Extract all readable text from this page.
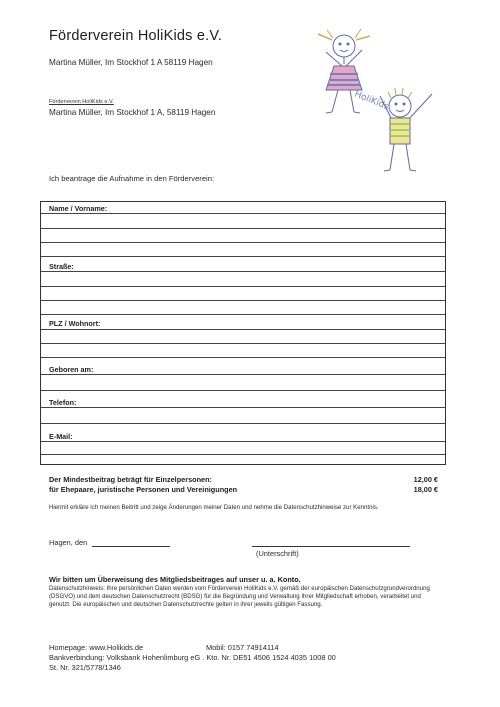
Förderverein HoliKids e.V.
Martina Müller, Im Stockhof 1 A 58119 Hagen
Förderverein HoliKids e.V.
Martina Müller, Im Stockhof 1 A, 58119 Hagen
HoliKids
Ich beantrage die Aufnahme in den Förderverein:
Name / Vorname:
Straße:
PLZ / Wohnort:
Geboren am:
Telefon:
E-Mail:
Der Mindestbeitrag beträgt für Einzelpersonen:	12,00 €
für Ehepaare, juristische Personen und Vereinigungen	18,00 €
Hiermit erkläre ich meinen Beitritt und zeige Änderungen meiner Daten und nehme die Datenschutzhinweise zur Kenntnis.
Hagen, den
(Unterschrift)
Wir bitten um Überweisung des Mitgliedsbeitrages auf unser u. a. Konto.
Datenschutzhinweis: Ihre persönlichen Daten werden vom Förderverein HoliKids e.V. gemäß der europäischen Datenschutzgrundverordnung (DSGVO) und dem deutschen Datenschutzrecht (BDSG) für die Begründung und Verwaltung Ihrer Mitgliedschaft erhoben, verarbeitet und genutzt. Die europäischen und deutschen Datenschutzrechte gelten in ihrer jeweils gültigen Fassung.
Homepage: www.Holikids.de	Mobil: 0157 74914114
Bankverbindung: Volksbank Hohenlimburg eG . Kto. Nr. DE51 4506 1524 4035 1008 00
St. Nr. 321/5778/1346
